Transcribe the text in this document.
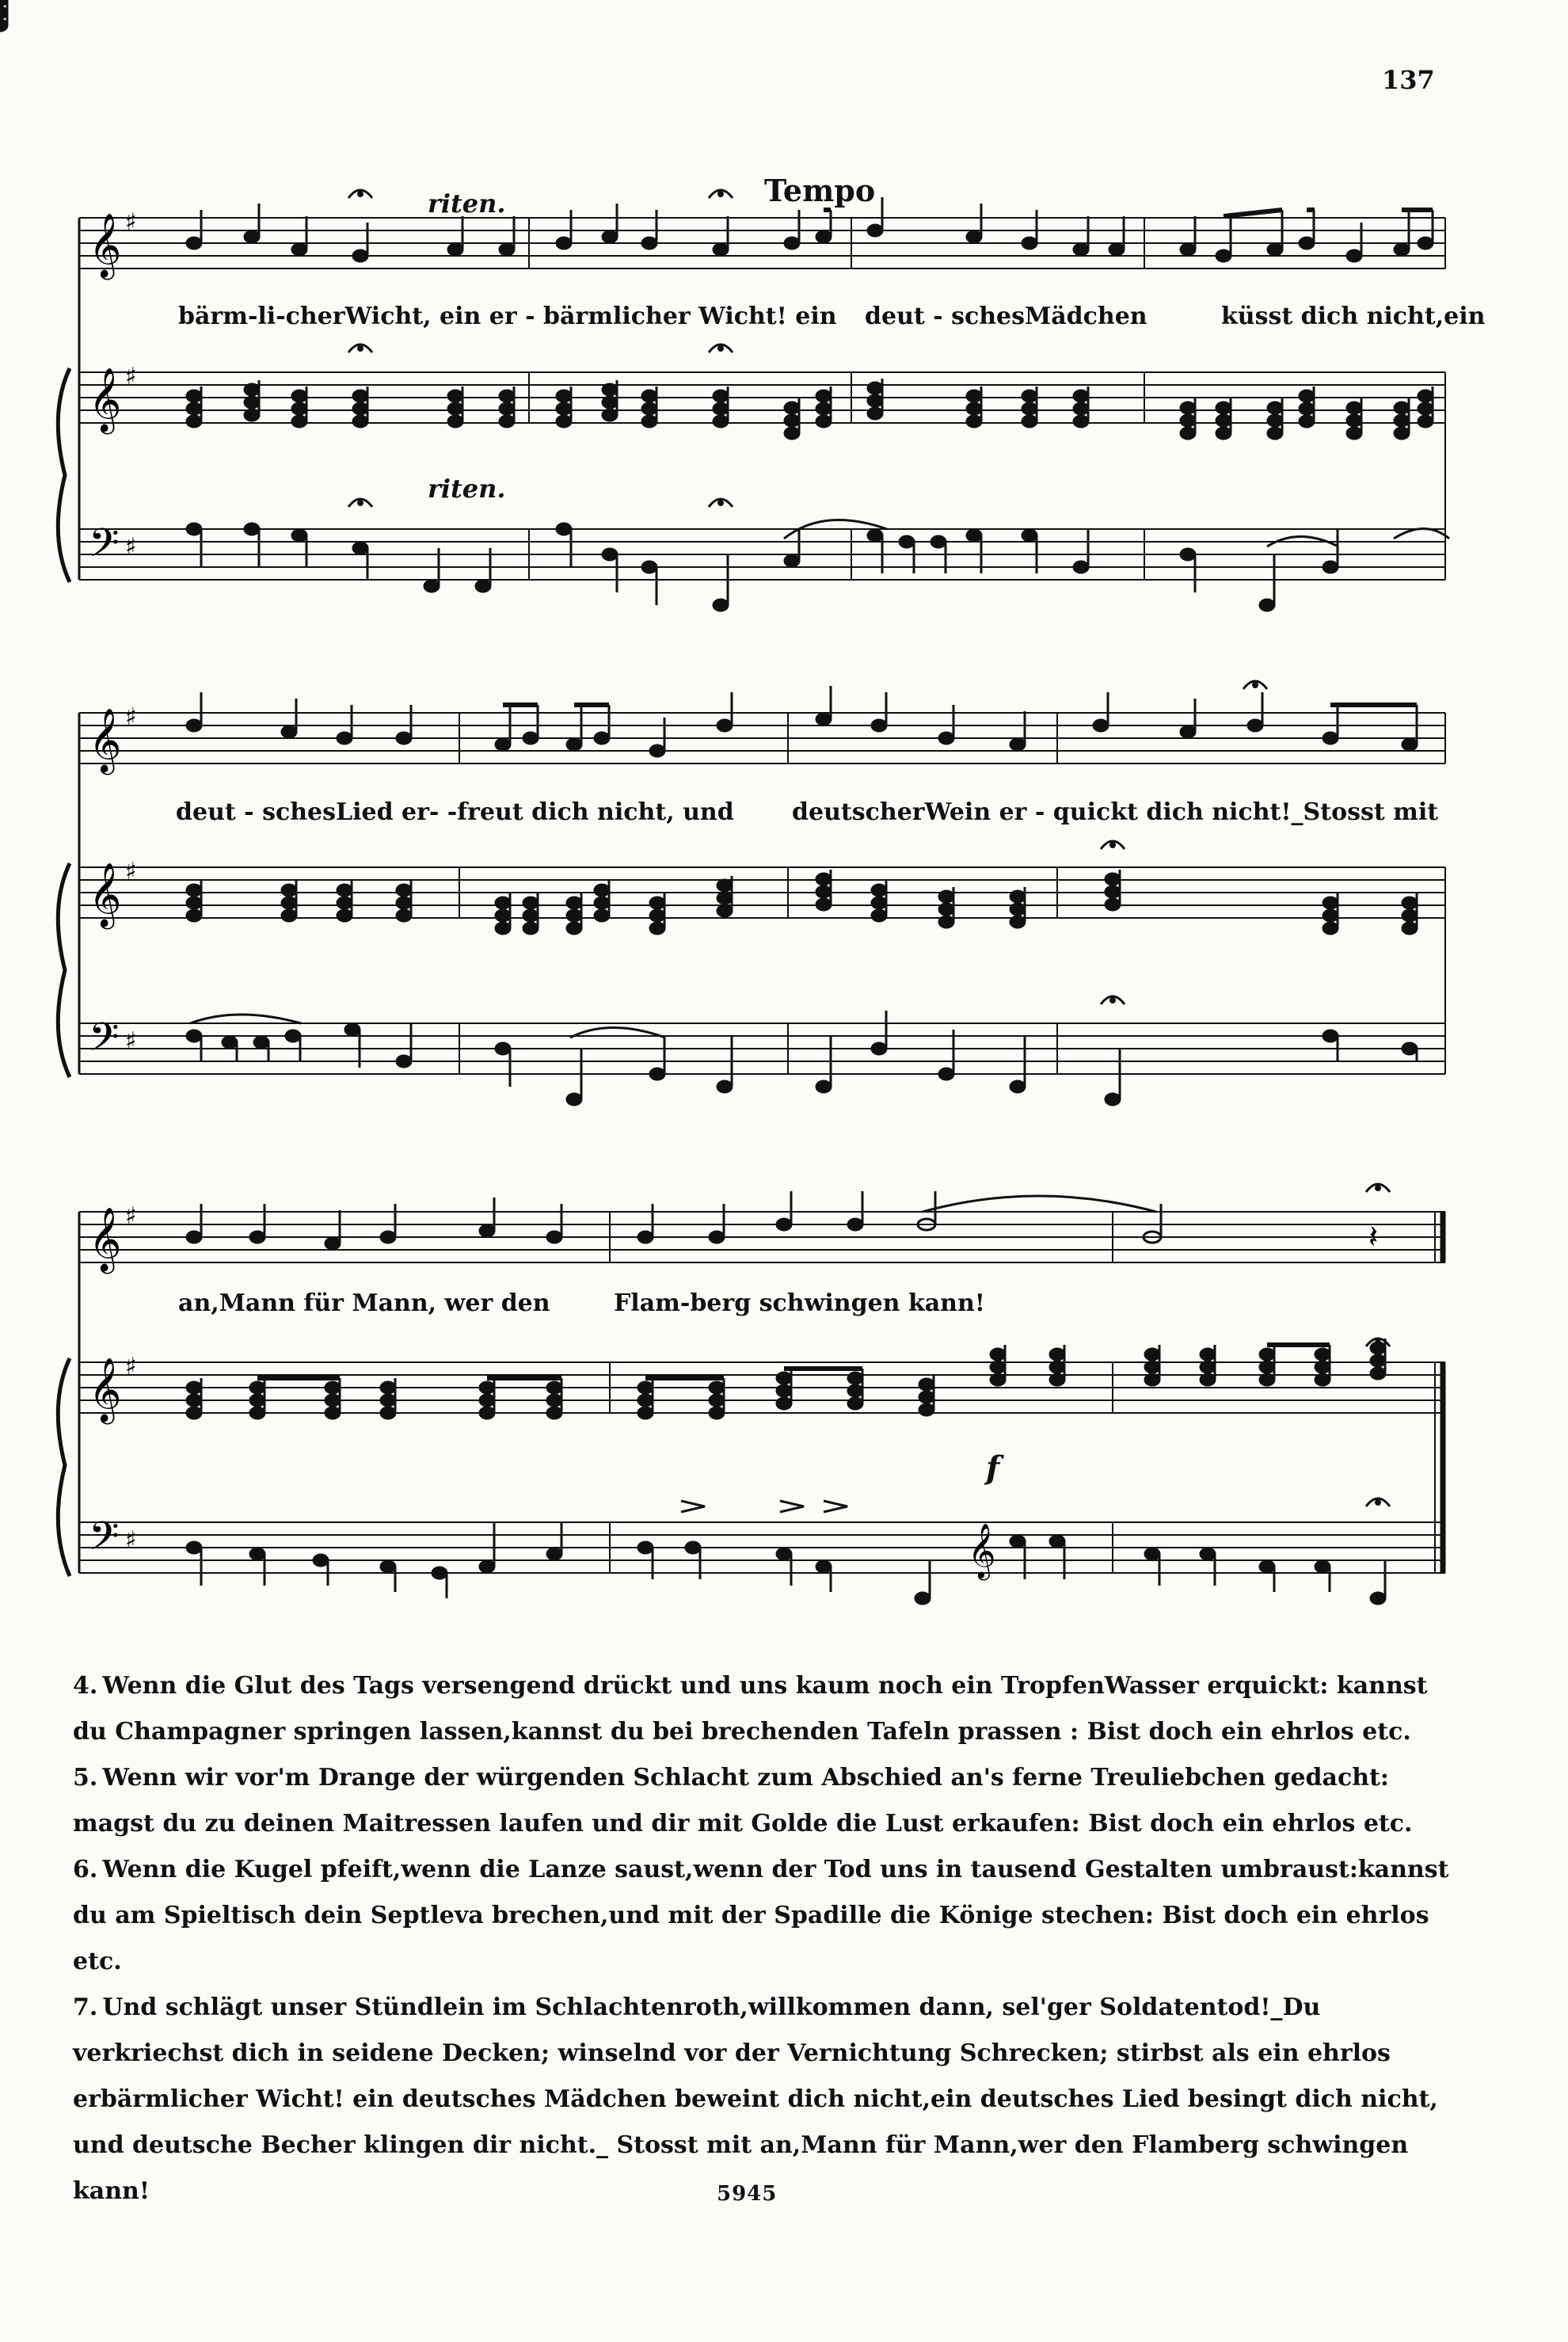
137
𝄞
𝄞
𝄢
♯
♯
♯
𝄞
𝄞
𝄢
♯
♯
♯
𝄞
𝄞
𝄢
♯
♯
♯
𝄽
𝄞
riten.	Tempo
riten.
f
bärm-li-cherWicht, ein er - bärmlicher Wicht! ein deut - schesMädchen	küsst dich nicht,ein
deut - schesLied er- -freut dich nicht, und deutscherWein er - quickt dich nicht!_Stosst mit
an,Mann für Mann, wer den	Flam-berg schwingen kann!

4. Wenn die Glut des Tags versengend drückt und uns kaum noch ein TropfenWasser erquickt: kannst du Champagner springen lassen,kannst du bei brechenden Tafeln prassen : Bist doch ein ehrlos etc.

5. Wenn wir vor'm Drange der würgenden Schlacht zum Abschied an's ferne Treuliebchen gedacht: magst du zu deinen Maitressen laufen und dir mit Golde die Lust erkaufen: Bist doch ein ehrlos etc.

6. Wenn die Kugel pfeift,wenn die Lanze saust,wenn der Tod uns in tausend Gestalten umbraust:kannst du am Spieltisch dein Septleva brechen,und mit der Spadille die Könige stechen: Bist doch ein ehrlos etc.

7. Und schlägt unser Stündlein im Schlachtenroth,willkommen dann, sel'ger Soldatentod!_Du verkriechst dich in seidene Decken; winselnd vor der Vernichtung Schrecken; stirbst als ein ehrlos erbärmlicher Wicht! ein deutsches Mädchen beweint dich nicht,ein deutsches Lied besingt dich nicht, und deutsche Becher klingen dir nicht._ Stosst mit an,Mann für Mann,wer den Flamberg schwingen kann!	5945
